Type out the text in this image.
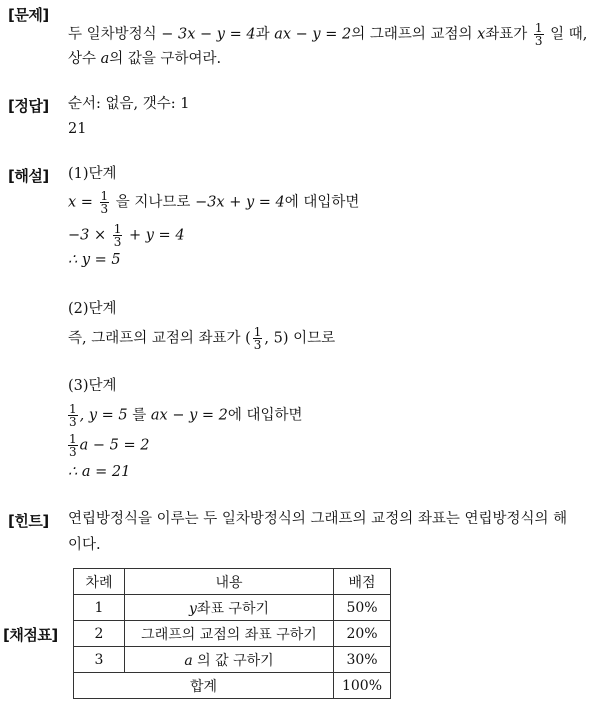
[문제]
두 일차방정식 − 3x − y = 4과 ax − y = 2의 그래프의 교점의 x좌표가 $\frac{1}{3}$ 일 때,
상수 a의 값을 구하여라.
[정답] 순서: 없음, 갯수: 1
21
[해설] (1)단계
$x = \frac{1}{3}$ 을 지나므로 −3x + y = 4에 대입하면
$-3 \times \frac{1}{3} + y = 4$
∴ y = 5
(2)단계
즉, 그래프의 교점의 좌표가 ( $\frac{1}{3}$ , 5) 이므로
(3)단계
$\frac{1}{3}$ , y = 5 를 ax − y = 2에 대입하면
$\frac{1}{3}$ a − 5 = 2
∴ a = 21
[힌트] 연립방정식을 이루는 두 일차방정식의 그래프의 교정의 좌표는 연립방정식의 해
이다.
[채점표]
차례	내용	배점
1	y좌표 구하기	50%
2	그래프의 교점의 좌표 구하기	20%
3	a 의 값 구하기	30%
합계		100%
